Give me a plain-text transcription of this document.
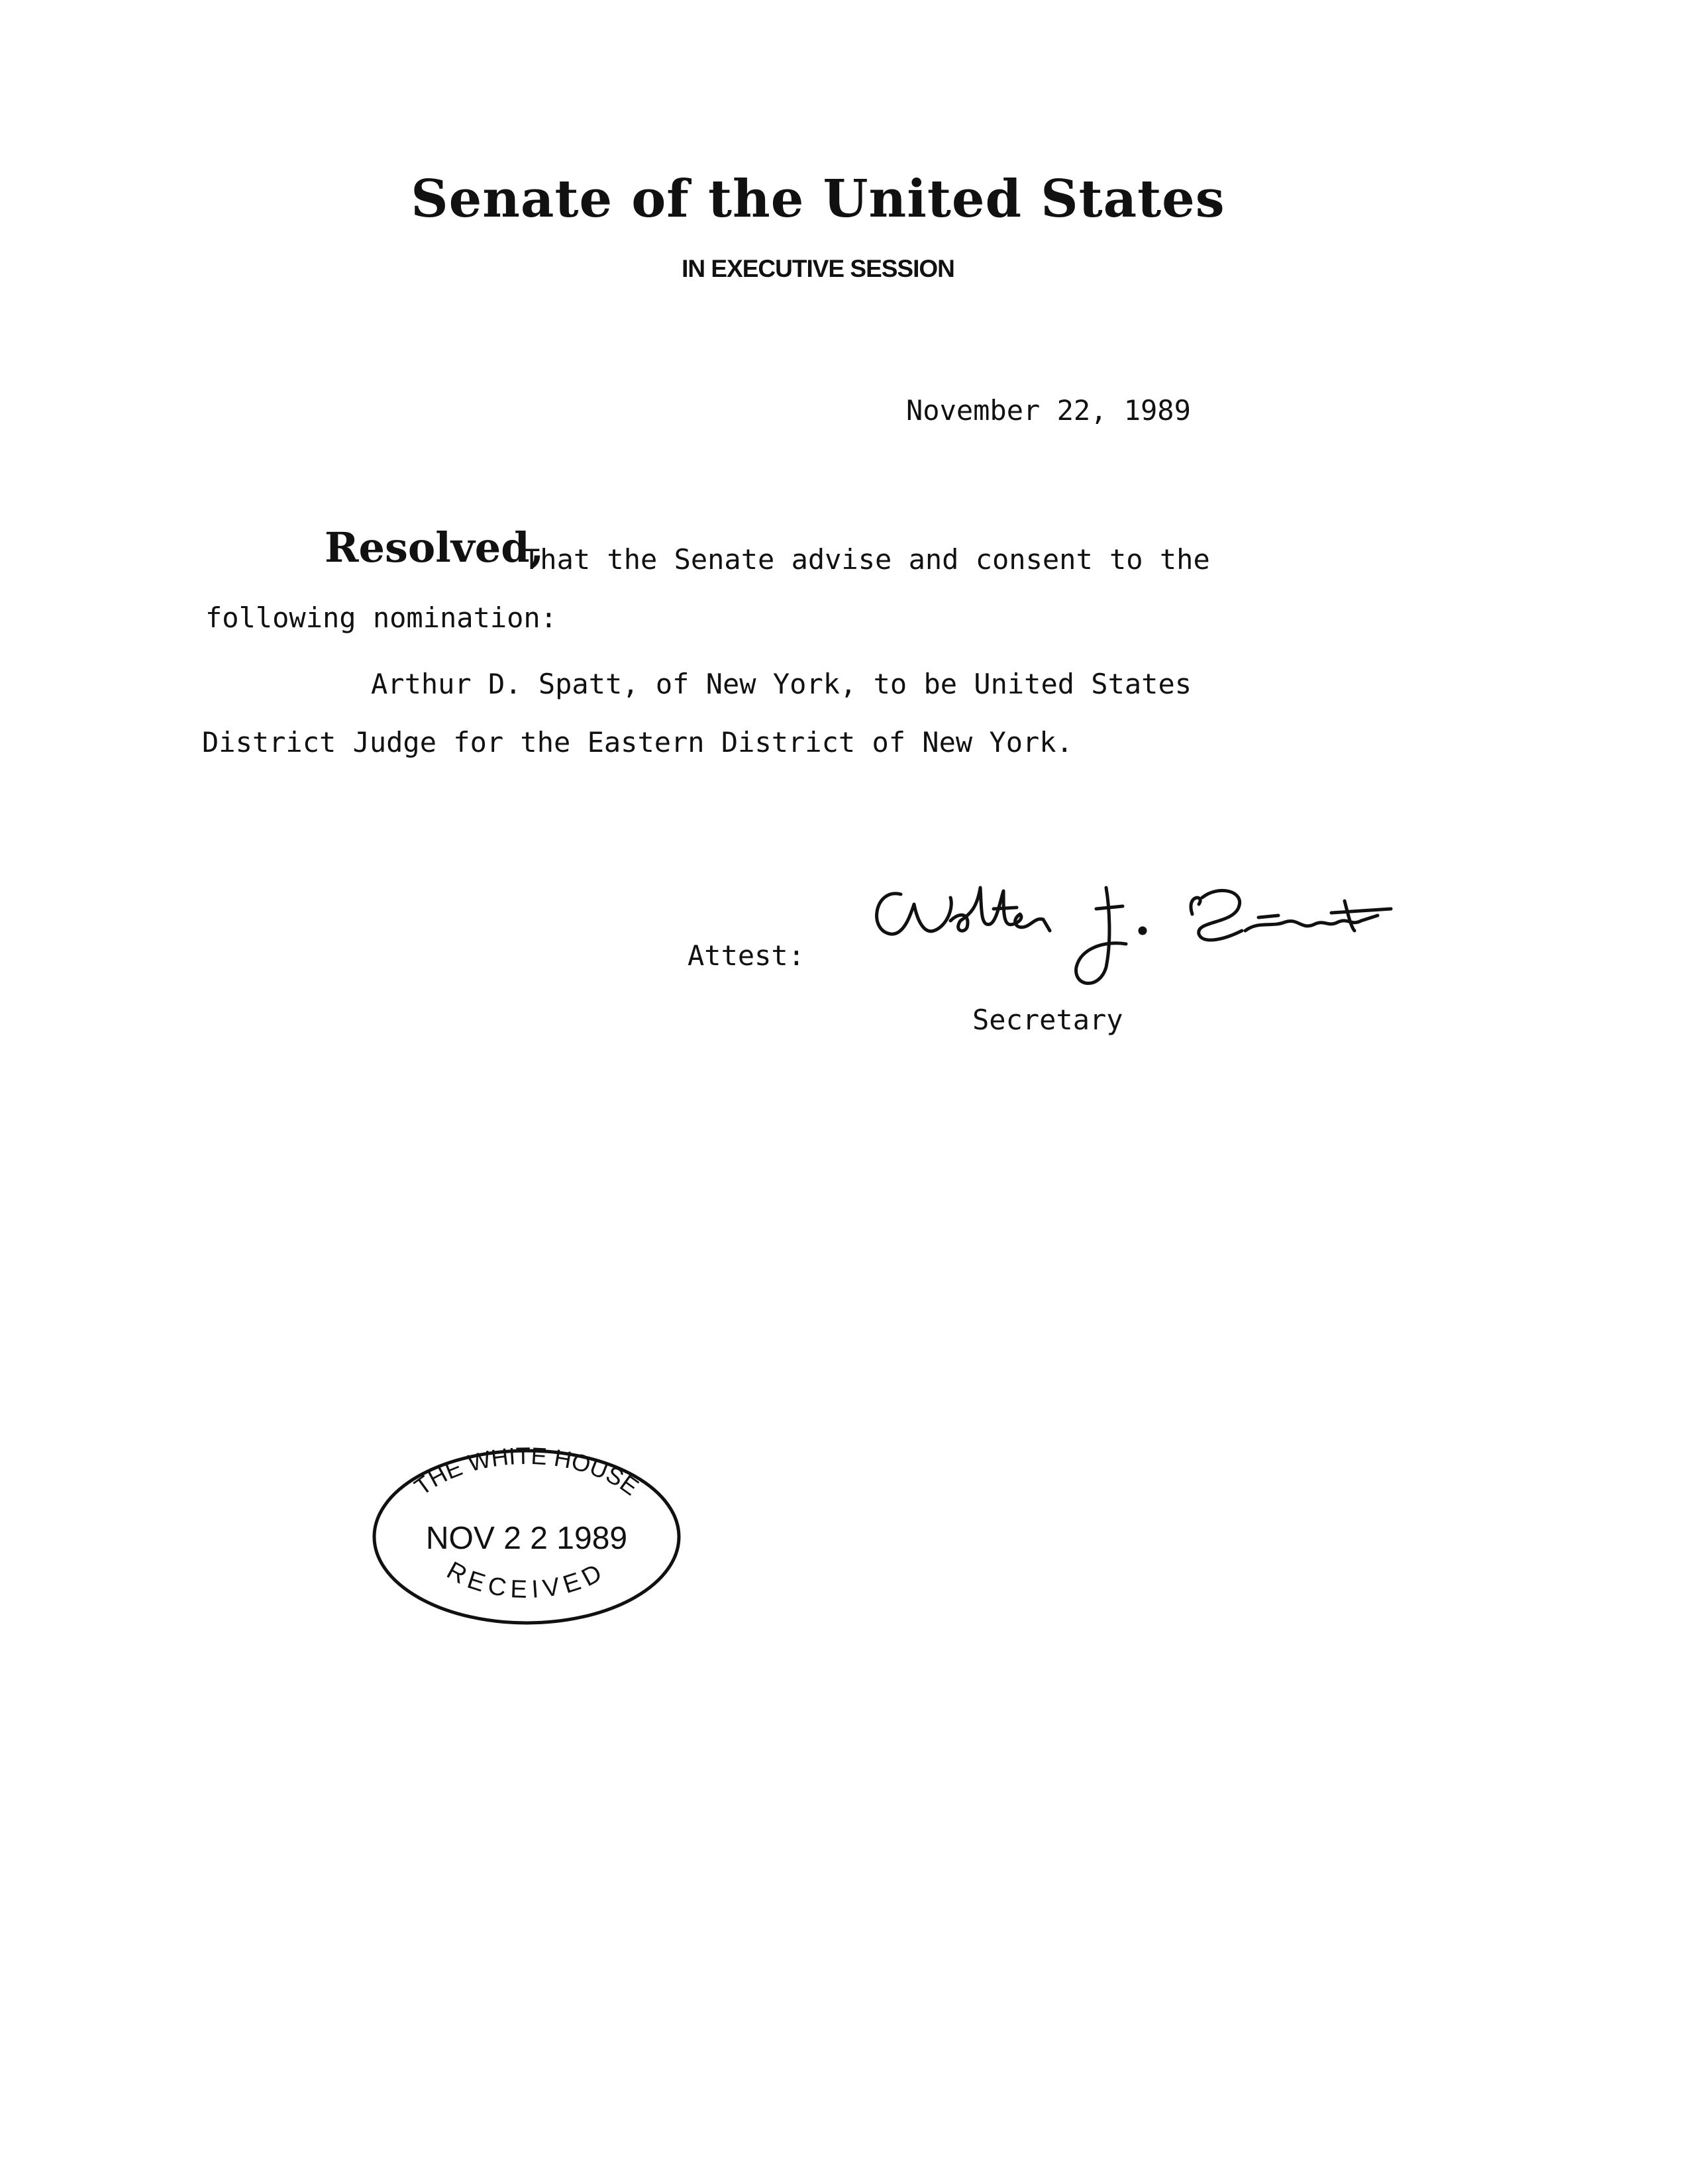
Senate of the United States
IN EXECUTIVE SESSION
November 22, 1989
Resolved,
That the Senate advise and consent to the
following nomination:
Arthur D. Spatt, of New York, to be United States
District Judge for the Eastern District of New York.
Attest:
Secretary
THE WHITE HOUSE
NOV 2 2 1989
RECEIVED
